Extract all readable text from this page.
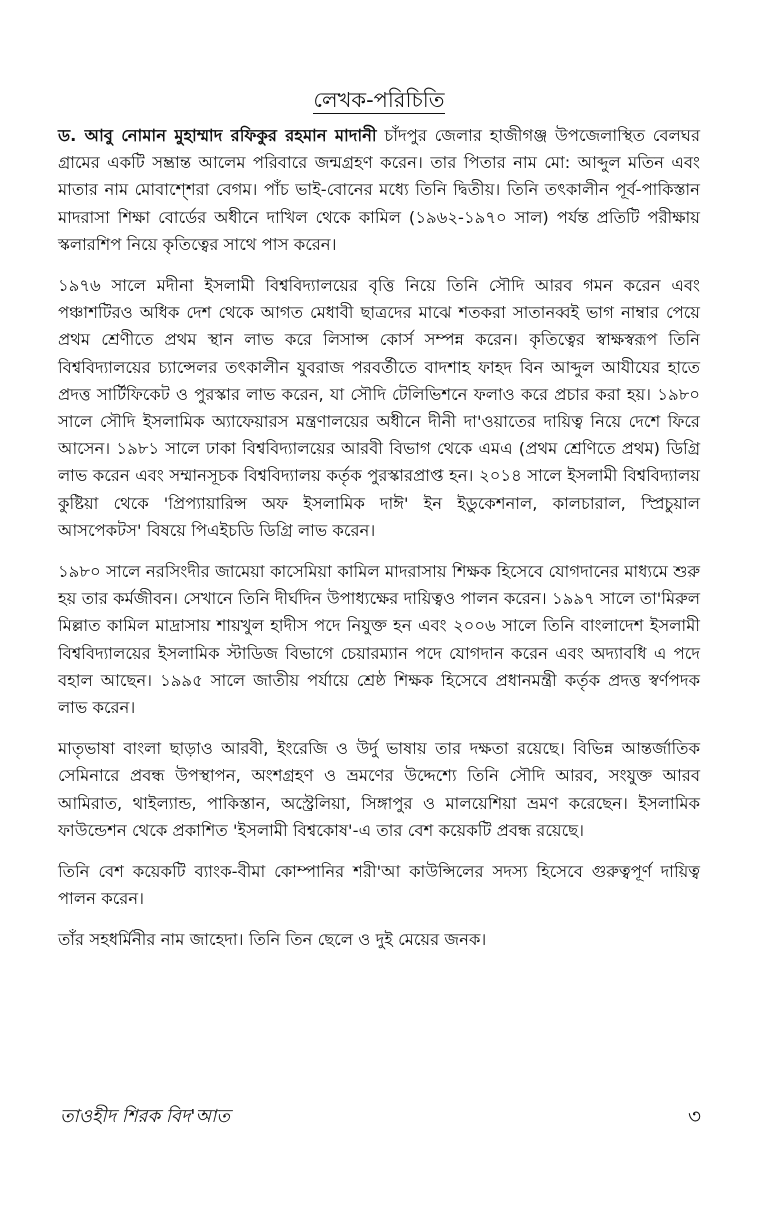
লেখক-পরিচিতি

ড. আবু নোমান মুহাম্মাদ রফিকুর রহমান মাদানী চাঁদপুর জেলার হাজীগঞ্জ উপজেলাস্থিত বেলঘর গ্রামের একটি সম্ভ্রান্ত আলেম পরিবারে জন্মগ্রহণ করেন। তার পিতার নাম মো: আব্দুল মতিন এবং মাতার নাম মোবাশ্শেরা বেগম। পাঁচ ভাই-বোনের মধ্যে তিনি দ্বিতীয়। তিনি তৎকালীন পূর্ব-পাকিস্তান মাদরাসা শিক্ষা বোর্ডের অধীনে দাখিল থেকে কামিল (১৯৬২-১৯৭০ সাল) পর্যন্ত প্রতিটি পরীক্ষায় স্কলারশিপ নিয়ে কৃতিত্বের সাথে পাস করেন।

১৯৭৬ সালে মদীনা ইসলামী বিশ্ববিদ্যালয়ের বৃত্তি নিয়ে তিনি সৌদি আরব গমন করেন এবং পঞ্চাশটিরও অধিক দেশ থেকে আগত মেধাবী ছাত্রদের মাঝে শতকরা সাতানব্বই ভাগ নাম্বার পেয়ে প্রথম শ্রেণীতে প্রথম স্থান লাভ করে লিসান্স কোর্স সম্পন্ন করেন। কৃতিত্বের স্বাক্ষস্বরূপ তিনি বিশ্ববিদ্যালয়ের চ্যান্সেলর তৎকালীন যুবরাজ পরবর্তীতে বাদশাহ ফাহদ বিন আব্দুল আযীযের হাতে প্রদত্ত সার্টিফিকেট ও পুরস্কার লাভ করেন, যা সৌদি টেলিভিশনে ফলাও করে প্রচার করা হয়। ১৯৮০ সালে সৌদি ইসলামিক অ্যাফেয়ারস মন্ত্রণালয়ের অধীনে দীনী দা'ওয়াতের দায়িত্ব নিয়ে দেশে ফিরে আসেন। ১৯৮১ সালে ঢাকা বিশ্ববিদ্যালয়ের আরবী বিভাগ থেকে এমএ (প্রথম শ্রেণিতে প্রথম) ডিগ্রি লাভ করেন এবং সম্মানসূচক বিশ্ববিদ্যালয় কর্তৃক পুরস্কারপ্রাপ্ত হন। ২০১৪ সালে ইসলামী বিশ্ববিদ্যালয় কুষ্টিয়া থেকে 'প্রিপ্যায়ারিন্স অফ ইসলামিক দাঈ' ইন ইডুকেশনাল, কালচারাল, স্প্রিচুয়াল আসপেকটস' বিষয়ে পিএইচডি ডিগ্রি লাভ করেন।

১৯৮০ সালে নরসিংদীর জামেয়া কাসেমিয়া কামিল মাদরাসায় শিক্ষক হিসেবে যোগদানের মাধ্যমে শুরু হয় তার কর্মজীবন। সেখানে তিনি দীর্ঘদিন উপাধ্যক্ষের দায়িত্বও পালন করেন। ১৯৯৭ সালে তা'মিরুল মিল্লাত কামিল মাদ্রাসায় শায়খুল হাদীস পদে নিযুক্ত হন এবং ২০০৬ সালে তিনি বাংলাদেশ ইসলামী বিশ্ববিদ্যালয়ের ইসলামিক স্টাডিজ বিভাগে চেয়ারম্যান পদে যোগদান করেন এবং অদ্যাবধি এ পদে বহাল আছেন। ১৯৯৫ সালে জাতীয় পর্যায়ে শ্রেষ্ঠ শিক্ষক হিসেবে প্রধানমন্ত্রী কর্তৃক প্রদত্ত স্বর্ণপদক লাভ করেন।

মাতৃভাষা বাংলা ছাড়াও আরবী, ইংরেজি ও উর্দু ভাষায় তার দক্ষতা রয়েছে। বিভিন্ন আন্তর্জাতিক সেমিনারে প্রবন্ধ উপস্থাপন, অংশগ্রহণ ও ভ্রমণের উদ্দেশ্যে তিনি সৌদি আরব, সংযুক্ত আরব আমিরাত, থাইল্যান্ড, পাকিস্তান, অস্ট্রেলিয়া, সিঙ্গাপুর ও মালয়েশিয়া ভ্রমণ করেছেন। ইসলামিক ফাউন্ডেশন থেকে প্রকাশিত 'ইসলামী বিশ্বকোষ'-এ তার বেশ কয়েকটি প্রবন্ধ রয়েছে।

তিনি বেশ কয়েকটি ব্যাংক-বীমা কোম্পানির শরী'আ কাউন্সিলের সদস্য হিসেবে গুরুত্বপূর্ণ দায়িত্ব পালন করেন।

তাঁর সহধর্মিনীর নাম জাহেদা। তিনি তিন ছেলে ও দুই মেয়ের জনক।

তাওহীদ শিরক বিদ'আত	৩
